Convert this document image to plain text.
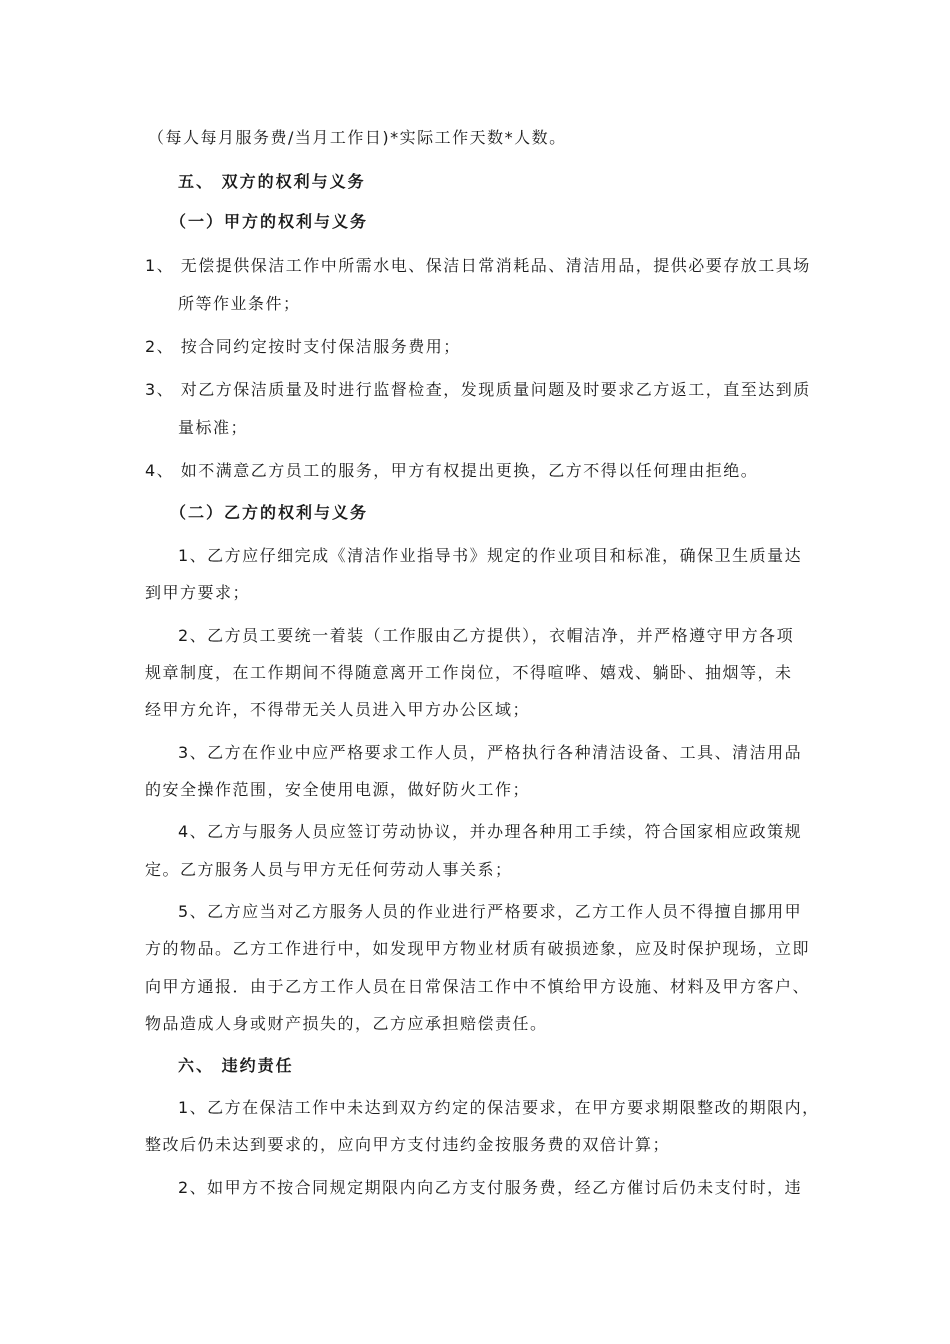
（每人每月服务费/当月工作日)*实际工作天数*人数。
五、 双方的权利与义务
（一）甲方的权利与义务
1、 无偿提供保洁工作中所需水电、保洁日常消耗品、清洁用品，提供必要存放工具场
所等作业条件；
2、 按合同约定按时支付保洁服务费用；
3、 对乙方保洁质量及时进行监督检查，发现质量问题及时要求乙方返工，直至达到质
量标准；
4、 如不满意乙方员工的服务，甲方有权提出更换，乙方不得以任何理由拒绝。
（二）乙方的权利与义务
1、乙方应仔细完成《清洁作业指导书》规定的作业项目和标准，确保卫生质量达
到甲方要求；
2、乙方员工要统一着装（工作服由乙方提供），衣帽洁净，并严格遵守甲方各项
规章制度，在工作期间不得随意离开工作岗位，不得喧哗、嬉戏、躺卧、抽烟等，未
经甲方允许，不得带无关人员进入甲方办公区域；
3、乙方在作业中应严格要求工作人员，严格执行各种清洁设备、工具、清洁用品
的安全操作范围，安全使用电源，做好防火工作；
4、乙方与服务人员应签订劳动协议，并办理各种用工手续，符合国家相应政策规
定。乙方服务人员与甲方无任何劳动人事关系；
5、乙方应当对乙方服务人员的作业进行严格要求，乙方工作人员不得擅自挪用甲
方的物品。乙方工作进行中，如发现甲方物业材质有破损迹象，应及时保护现场，立即
向甲方通报．由于乙方工作人员在日常保洁工作中不慎给甲方设施、材料及甲方客户、
物品造成人身或财产损失的，乙方应承担赔偿责任。
六、 违约责任
1、乙方在保洁工作中未达到双方约定的保洁要求，在甲方要求期限整改的期限内，
整改后仍未达到要求的，应向甲方支付违约金按服务费的双倍计算；
2、如甲方不按合同规定期限内向乙方支付服务费，经乙方催讨后仍未支付时，违
